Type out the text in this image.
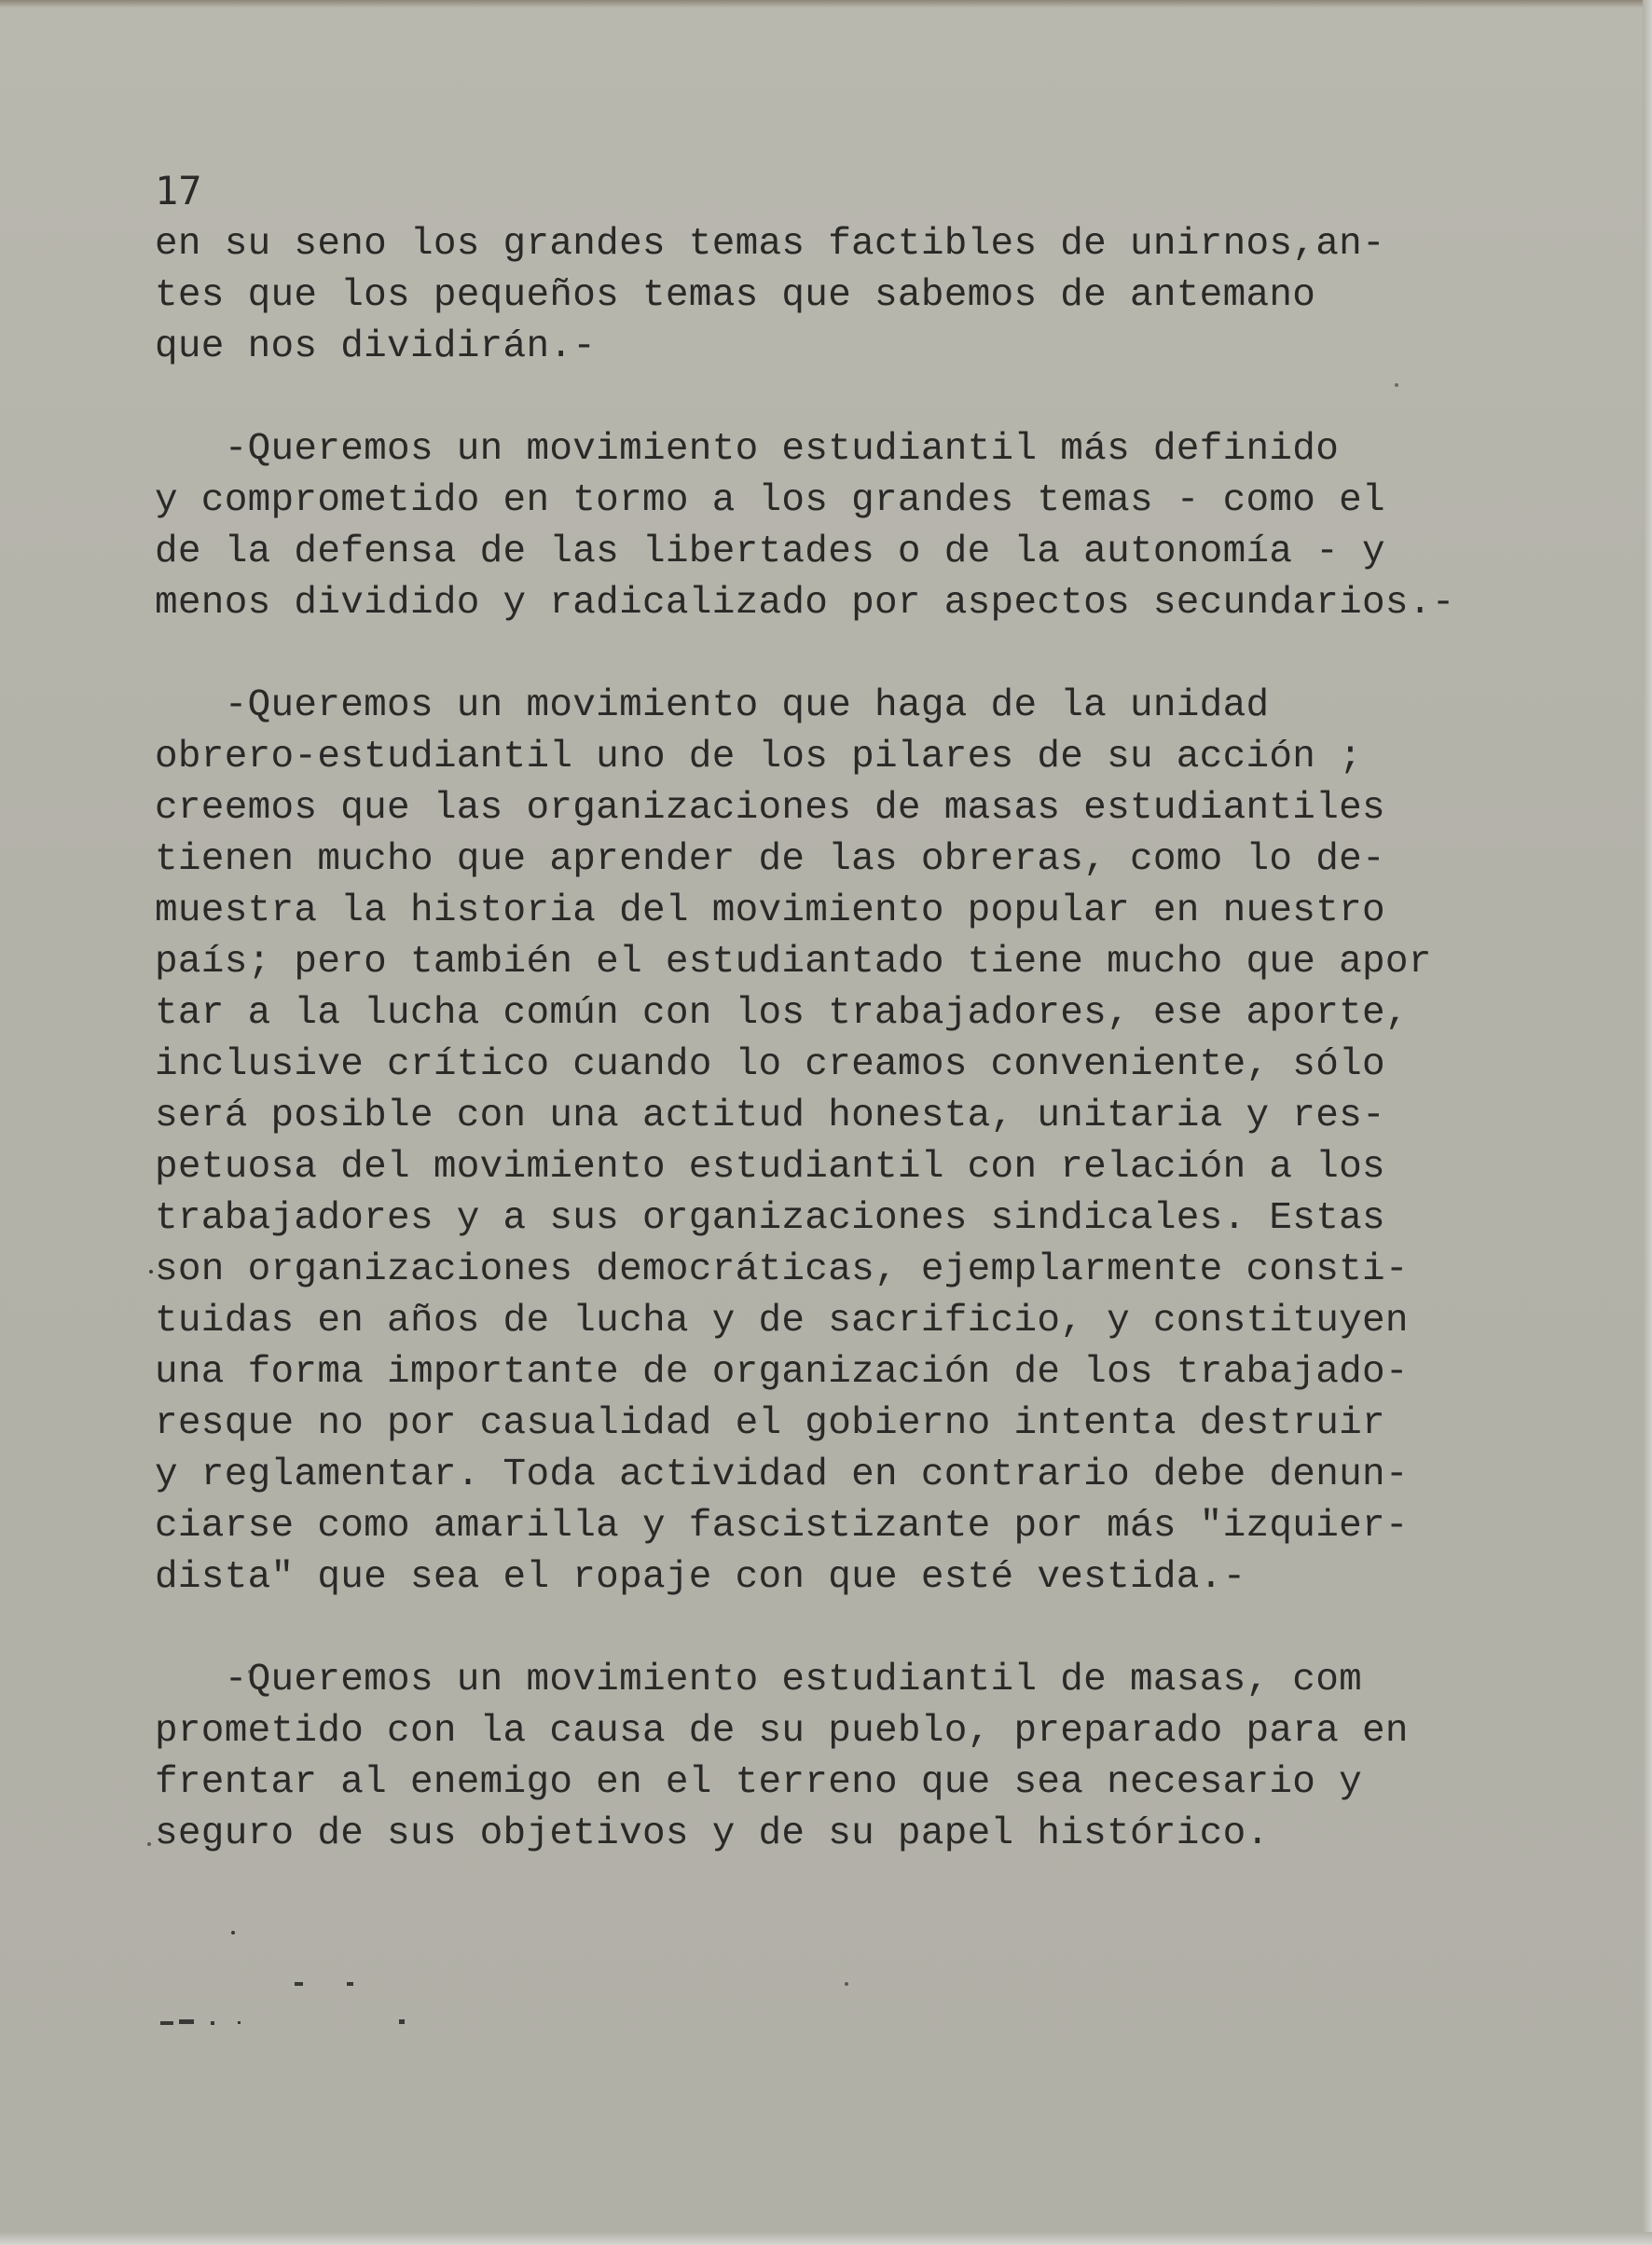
17

en su seno los grandes temas factibles de unirnos,an-
tes que los pequeños temas que sabemos de antemano
que nos dividirán.-

-Queremos un movimiento estudiantil más definido
y comprometido en tormo a los grandes temas - como el
de la defensa de las libertades o de la autonomía - y
menos dividido y radicalizado por aspectos secundarios.-

-Queremos un movimiento que haga de la unidad
obrero-estudiantil uno de los pilares de su acción ;
creemos que las organizaciones de masas estudiantiles
tienen mucho que aprender de las obreras, como lo de-
muestra la historia del movimiento popular en nuestro
país; pero también el estudiantado tiene mucho que apor
tar a la lucha común con los trabajadores, ese aporte,
inclusive crítico cuando lo creamos conveniente, sólo
será posible con una actitud honesta, unitaria y res-
petuosa del movimiento estudiantil con relación a los
trabajadores y a sus organizaciones sindicales. Estas
son organizaciones democráticas, ejemplarmente consti-
tuidas en años de lucha y de sacrificio, y constituyen
una forma importante de organización de los trabajado-
resque no por casualidad el gobierno intenta destruir
y reglamentar. Toda actividad en contrario debe denun-
ciarse como amarilla y fascistizante por más "izquier-
dista" que sea el ropaje con que esté vestida.-

-Queremos un movimiento estudiantil de masas, com
prometido con la causa de su pueblo, preparado para en
frentar al enemigo en el terreno que sea necesario y
seguro de sus objetivos y de su papel histórico.
